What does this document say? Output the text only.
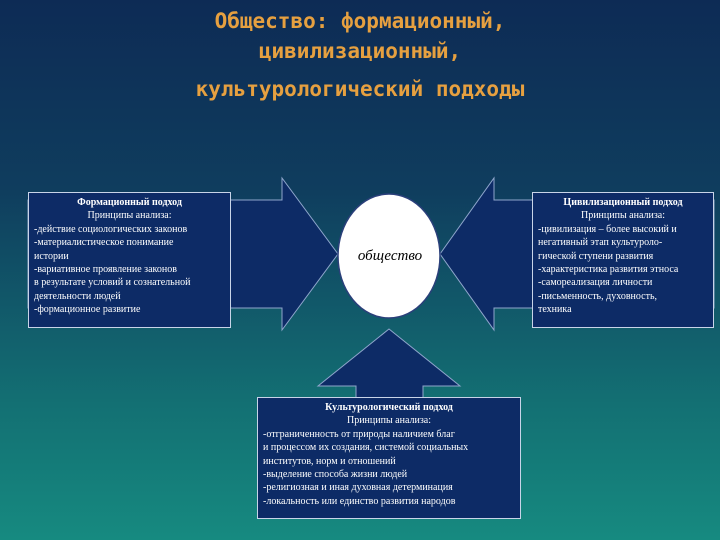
Общество: формационный,
цивилизационный,
культурологический подходы
общество
Формационный подход
Принципы анализа:
-действие социологических законов
-материалистическое понимание
истории
-вариативное проявление законов
в результате условий и сознательной
деятельности людей
-формационное развитие
Цивилизационный подход
Принципы анализа:
-цивилизация – более высокий и
негативный этап культуроло-
гической ступени развития
-характеристика развития этноса
-самореализация личности
-письменность, духовность,
техника
Культурологический подход
Принципы анализа:
-отграниченность от природы наличием благ
и процессом их создания, системой социальных
институтов, норм и отношений
-выделение способа жизни людей
-религиозная и иная духовная детерминация
-локальность или единство развития народов
